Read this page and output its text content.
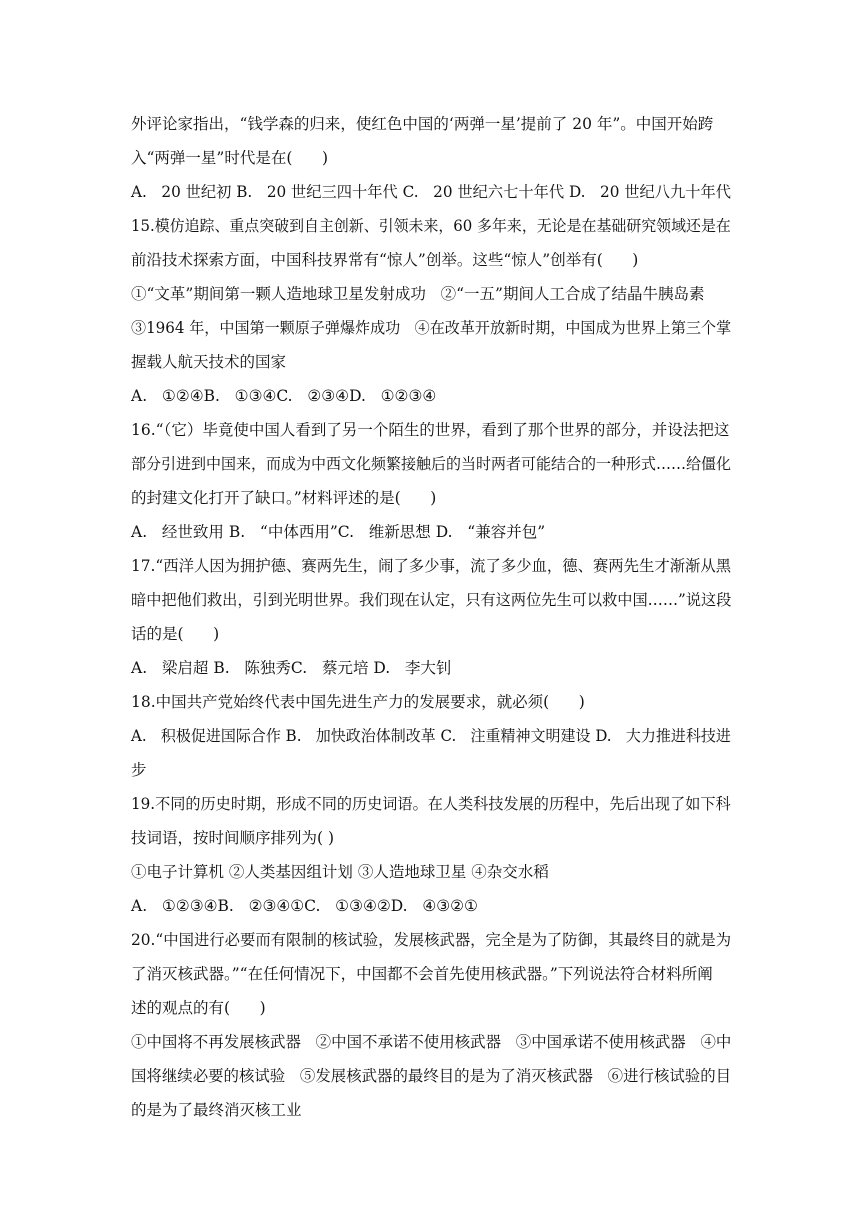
外评论家指出，“钱学森的归来，使红色中国的‘两弹一星’提前了 20 年”。中国开始跨
入“两弹一星”时代是在(      )
A.   20 世纪初 B.   20 世纪三四十年代 C.   20 世纪六七十年代 D.   20 世纪八九十年代
15.模仿追踪、重点突破到自主创新、引领未来，60 多年来，无论是在基础研究领域还是在
前沿技术探索方面，中国科技界常有“惊人”创举。这些“惊人”创举有(      )
①“文革”期间第一颗人造地球卫星发射成功   ②“一五”期间人工合成了结晶牛胰岛素
③1964 年，中国第一颗原子弹爆炸成功   ④在改革开放新时期，中国成为世界上第三个掌
握载人航天技术的国家
A.   ①②④B.   ①③④C.   ②③④D.   ①②③④
16.“（它）毕竟使中国人看到了另一个陌生的世界，看到了那个世界的部分，并设法把这
部分引进到中国来，而成为中西文化频繁接触后的当时两者可能结合的一种形式……给僵化
的封建文化打开了缺口。”材料评述的是(      )
A.   经世致用 B.   “中体西用”C.   维新思想 D.   “兼容并包”
17.“西洋人因为拥护德、赛两先生，闹了多少事，流了多少血，德、赛两先生才渐渐从黑
暗中把他们救出，引到光明世界。我们现在认定，只有这两位先生可以救中国……”说这段
话的是(      )
A.   梁启超 B.   陈独秀C.   蔡元培 D.   李大钊
18.中国共产党始终代表中国先进生产力的发展要求，就必须(      )
A.   积极促进国际合作 B.   加快政治体制改革 C.   注重精神文明建设 D.   大力推进科技进
步
19.不同的历史时期，形成不同的历史词语。在人类科技发展的历程中，先后出现了如下科
技词语，按时间顺序排列为( )
①电子计算机 ②人类基因组计划 ③人造地球卫星 ④杂交水稻
A.   ①②③④B.   ②③④①C.   ①③④②D.   ④③②①
20.“中国进行必要而有限制的核试验，发展核武器，完全是为了防御，其最终目的就是为
了消灭核武器。”“在任何情况下，中国都不会首先使用核武器。”下列说法符合材料所阐
述的观点的有(      )
①中国将不再发展核武器   ②中国不承诺不使用核武器   ③中国承诺不使用核武器   ④中
国将继续必要的核试验   ⑤发展核武器的最终目的是为了消灭核武器   ⑥进行核试验的目
的是为了最终消灭核工业
